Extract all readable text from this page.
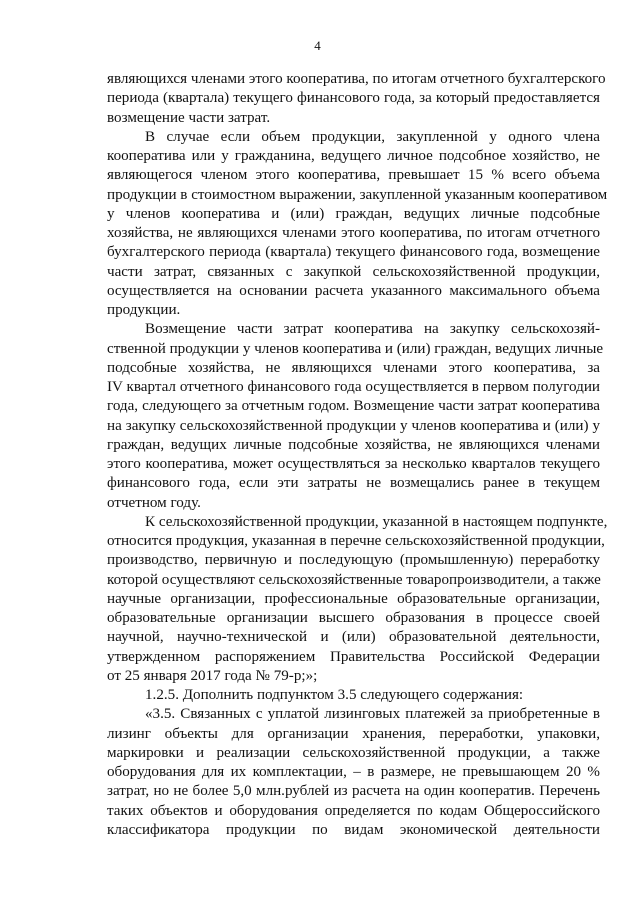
4
являющихся членами этого кооператива, по итогам отчетного бухгалтерского
периода (квартала) текущего финансового года, за который предоставляется
возмещение части затрат.
В случае если объем продукции, закупленной у одного члена
кооператива или у гражданина, ведущего личное подсобное хозяйство, не
являющегося членом этого кооператива, превышает 15 % всего объема
продукции в стоимостном выражении, закупленной указанным кооперативом
у членов кооператива и (или) граждан, ведущих личные подсобные
хозяйства, не являющихся членами этого кооператива, по итогам отчетного
бухгалтерского периода (квартала) текущего финансового года, возмещение
части затрат, связанных с закупкой сельскохозяйственной продукции,
осуществляется на основании расчета указанного максимального объема
продукции.
Возмещение части затрат кооператива на закупку сельскохозяй-
ственной продукции у членов кооператива и (или) граждан, ведущих личные
подсобные хозяйства, не являющихся членами этого кооператива, за
IV квартал отчетного финансового года осуществляется в первом полугодии
года, следующего за отчетным годом. Возмещение части затрат кооператива
на закупку сельскохозяйственной продукции у членов кооператива и (или) у
граждан, ведущих личные подсобные хозяйства, не являющихся членами
этого кооператива, может осуществляться за несколько кварталов текущего
финансового года, если эти затраты не возмещались ранее в текущем
отчетном году.
К сельскохозяйственной продукции, указанной в настоящем подпункте,
относится продукция, указанная в перечне сельскохозяйственной продукции,
производство, первичную и последующую (промышленную) переработку
которой осуществляют сельскохозяйственные товаропроизводители, а также
научные организации, профессиональные образовательные организации,
образовательные организации высшего образования в процессе своей
научной, научно-технической и (или) образовательной деятельности,
утвержденном распоряжением Правительства Российской Федерации
от 25 января 2017 года № 79-р;»;
1.2.5. Дополнить подпунктом 3.5 следующего содержания:
«3.5. Связанных с уплатой лизинговых платежей за приобретенные в
лизинг объекты для организации хранения, переработки, упаковки,
маркировки и реализации сельскохозяйственной продукции, а также
оборудования для их комплектации, – в размере, не превышающем 20 %
затрат, но не более 5,0 млн.рублей из расчета на один кооператив. Перечень
таких объектов и оборудования определяется по кодам Общероссийского
классификатора продукции по видам экономической деятельности
